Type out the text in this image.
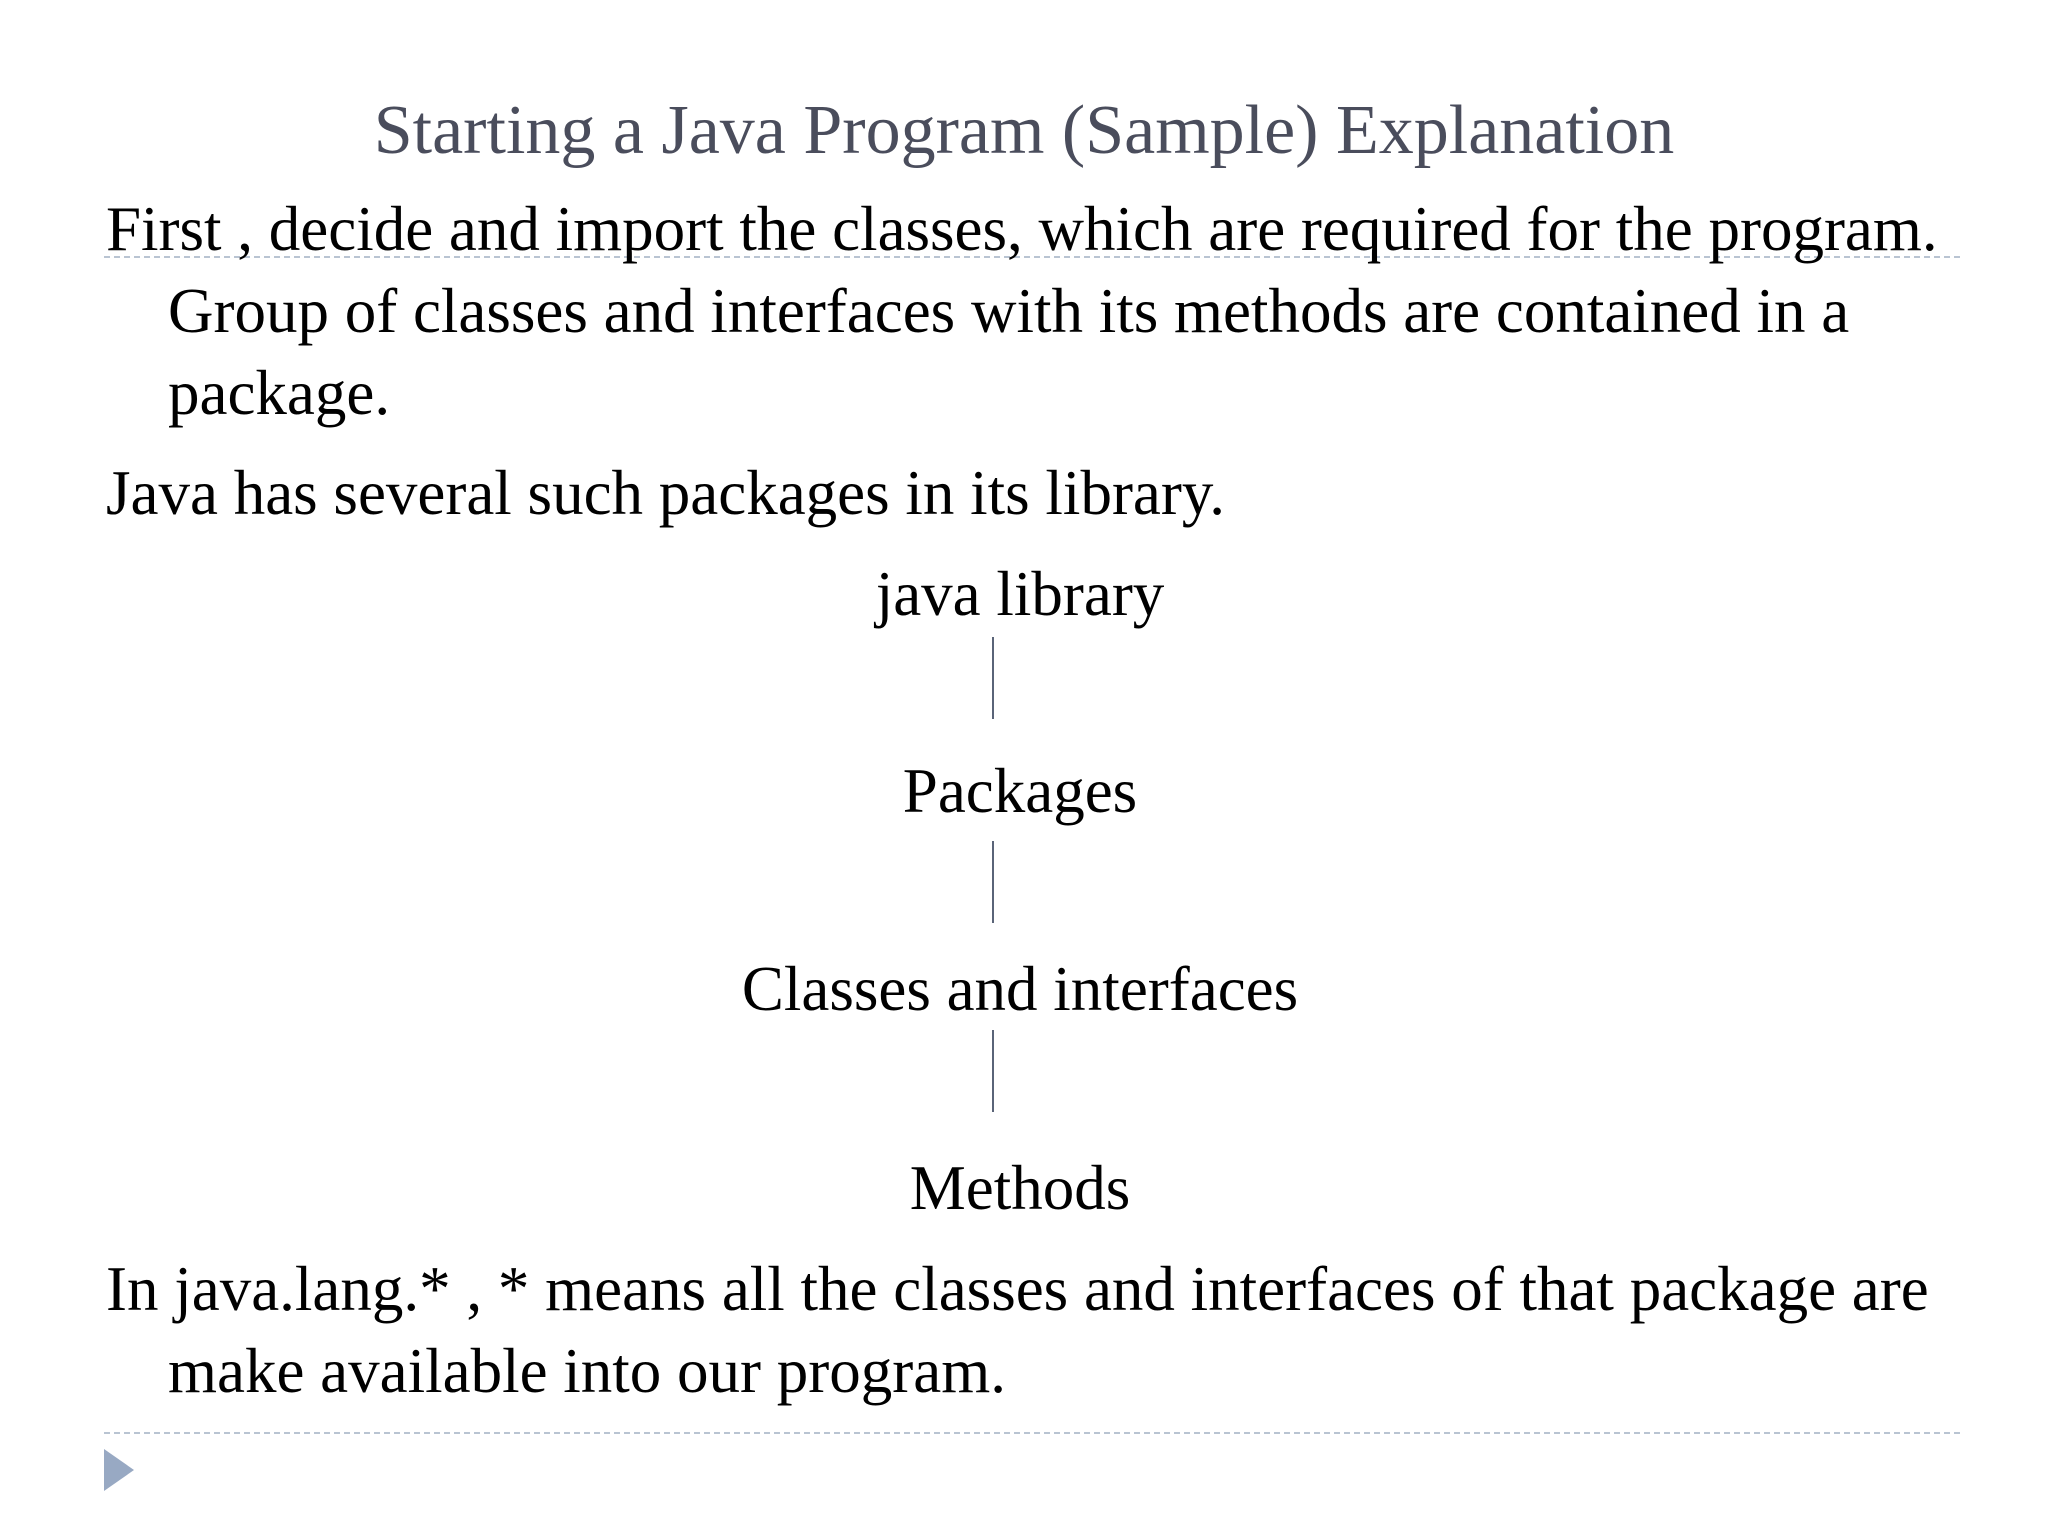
Starting a Java Program (Sample) Explanation

First , decide and import the classes, which are required for the program. Group of classes and interfaces with its methods are contained in a package.

Java has several such packages in its library.

java library
Packages
Classes and interfaces
Methods

In java.lang.* , * means all the classes and interfaces of that package are make available into our program.
